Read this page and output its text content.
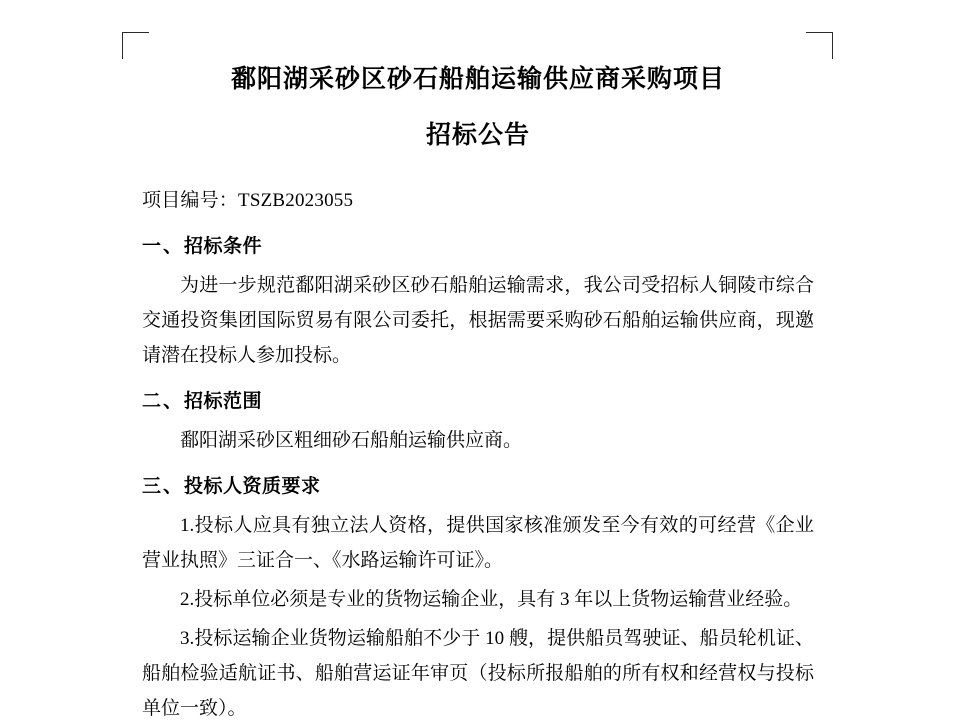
鄱阳湖采砂区砂石船舶运输供应商采购项目
招标公告

项目编号：TSZB2023055

一、招标条件

为进一步规范鄱阳湖采砂区砂石船舶运输需求，我公司受招标人铜陵市综合交通投资集团国际贸易有限公司委托，根据需要采购砂石船舶运输供应商，现邀请潜在投标人参加投标。

二、招标范围

鄱阳湖采砂区粗细砂石船舶运输供应商。

三、投标人资质要求

1.投标人应具有独立法人资格，提供国家核准颁发至今有效的可经营《企业营业执照》三证合一、《水路运输许可证》。

2.投标单位必须是专业的货物运输企业，具有 3 年以上货物运输营业经验。

3.投标运输企业货物运输船舶不少于 10 艘，提供船员驾驶证、船员轮机证、船舶检验适航证书、船舶营运证年审页（投标所报船舶的所有权和经营权与投标单位一致）。
